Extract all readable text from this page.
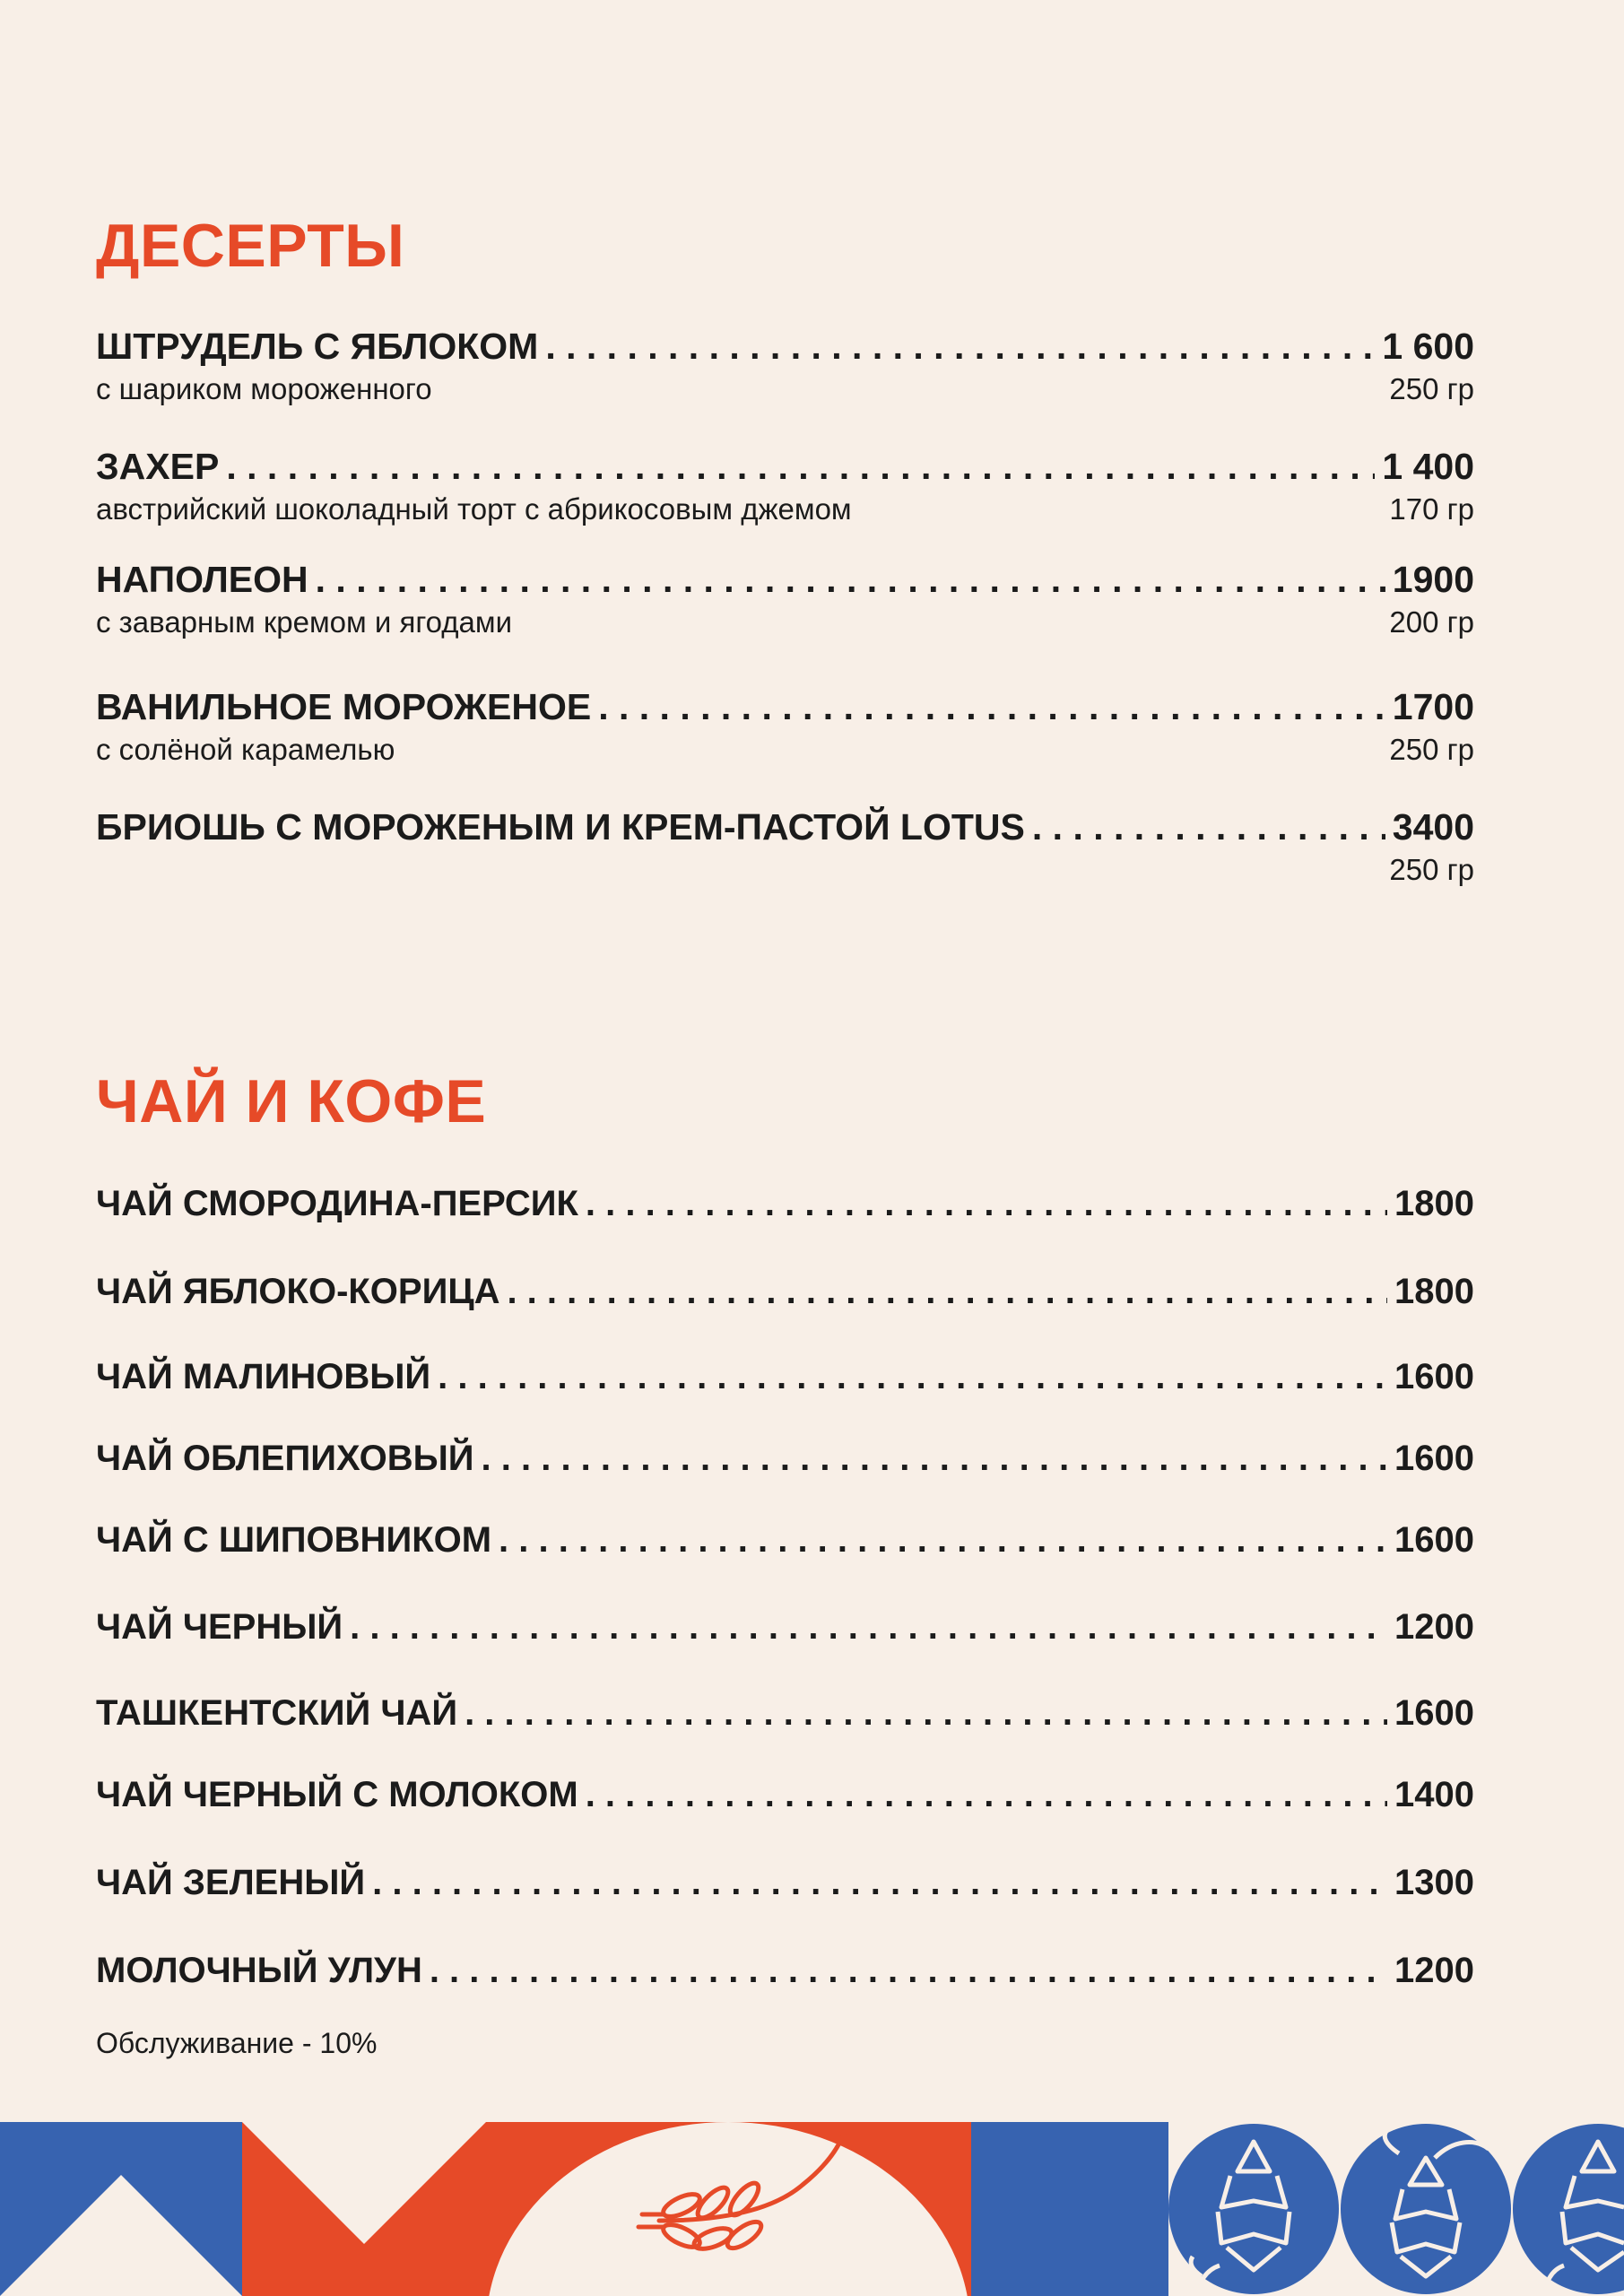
ДЕСЕРТЫ
ШТРУДЕЛЬ С ЯБЛОКОМ . . .	1 600
с шариком мороженного	250 гр
ЗАХЕР . . .	1 400
австрийский шоколадный торт с абрикосовым джемом	170 гр
НАПОЛЕОН . . .	1900
с заварным кремом и ягодами	200 гр
ВАНИЛЬНОЕ МОРОЖЕНОЕ . . .	1700
с солёной карамелью	250 гр
БРИОШЬ С МОРОЖЕНЫМ И КРЕМ-ПАСТОЙ LOTUS . . .	3400
250 гр
ЧАЙ И КОФЕ
ЧАЙ СМОРОДИНА-ПЕРСИК . . .	1800
ЧАЙ ЯБЛОКО-КОРИЦА . . .	1800
ЧАЙ МАЛИНОВЫЙ . . .	1600
ЧАЙ ОБЛЕПИХОВЫЙ . . .	1600
ЧАЙ С ШИПОВНИКОМ . . .	1600
ЧАЙ ЧЕРНЫЙ . . .	1200
ТАШКЕНТСКИЙ ЧАЙ . . .	1600
ЧАЙ ЧЕРНЫЙ С МОЛОКОМ . . .	1400
ЧАЙ ЗЕЛЕНЫЙ . . .	1300
МОЛОЧНЫЙ УЛУН . . .	1200
Обслуживание - 10%
